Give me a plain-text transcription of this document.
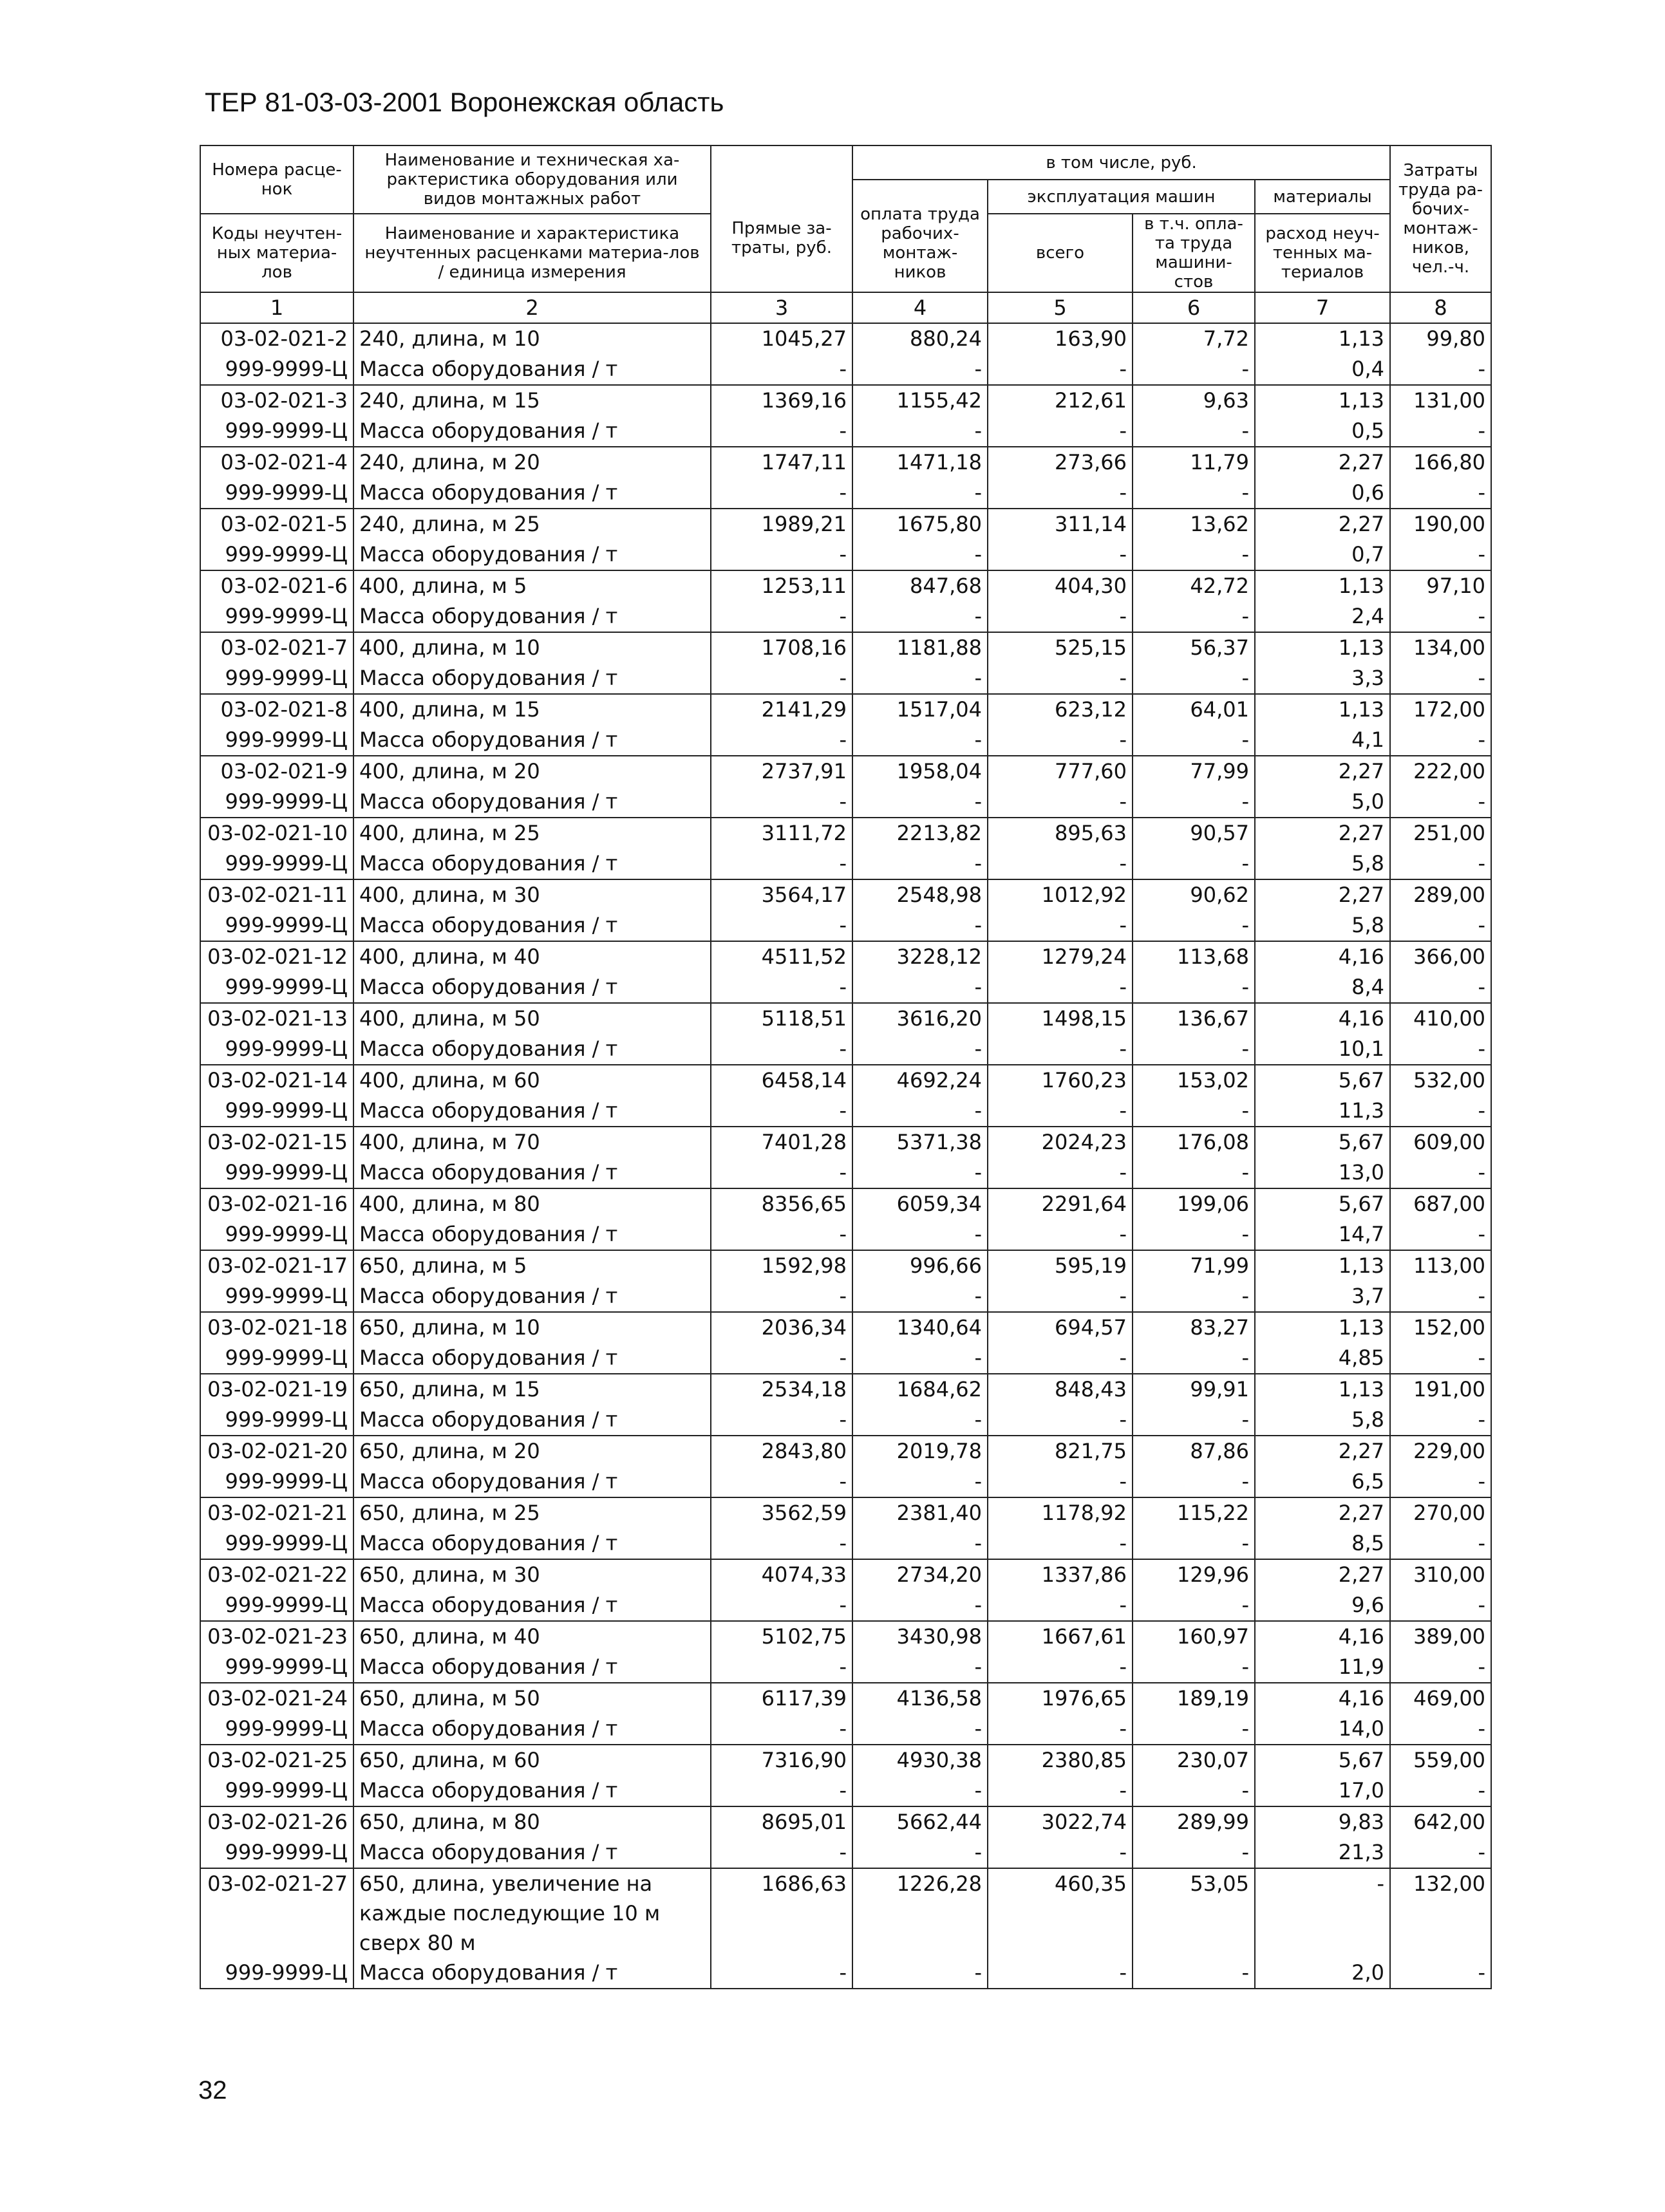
ТЕР 81-03-03-2001 Воронежская область
Номера расце-нок	Наименование и техническая ха-рактеристика оборудования или видов монтажных работ	Прямые за-траты, руб.	в том числе, руб.				Затраты труда ра-бочих-монтаж-ников, чел.-ч.
			оплата труда рабочих-монтаж-ников	эксплуатация машин		материалы	
Коды неучтен-ных материа-лов	Наименование и характеристика неучтенных расценками материа-лов / единица измерения			всего	в т.ч. опла-та труда машини-стов	расход неуч-тенных ма-териалов	

1	2	3	4	5	6	7	8
03-02-021-2	240, длина, м 10	1045,27	880,24	163,90	7,72	1,13	99,80
999-9999-Ц	Масса оборудования / т	-	-	-	-	0,4	-
03-02-021-3	240, длина, м 15	1369,16	1155,42	212,61	9,63	1,13	131,00
999-9999-Ц	Масса оборудования / т	-	-	-	-	0,5	-
03-02-021-4	240, длина, м 20	1747,11	1471,18	273,66	11,79	2,27	166,80
999-9999-Ц	Масса оборудования / т	-	-	-	-	0,6	-
03-02-021-5	240, длина, м 25	1989,21	1675,80	311,14	13,62	2,27	190,00
999-9999-Ц	Масса оборудования / т	-	-	-	-	0,7	-
03-02-021-6	400, длина, м 5	1253,11	847,68	404,30	42,72	1,13	97,10
999-9999-Ц	Масса оборудования / т	-	-	-	-	2,4	-
03-02-021-7	400, длина, м 10	1708,16	1181,88	525,15	56,37	1,13	134,00
999-9999-Ц	Масса оборудования / т	-	-	-	-	3,3	-
03-02-021-8	400, длина, м 15	2141,29	1517,04	623,12	64,01	1,13	172,00
999-9999-Ц	Масса оборудования / т	-	-	-	-	4,1	-
03-02-021-9	400, длина, м 20	2737,91	1958,04	777,60	77,99	2,27	222,00
999-9999-Ц	Масса оборудования / т	-	-	-	-	5,0	-
03-02-021-10	400, длина, м 25	3111,72	2213,82	895,63	90,57	2,27	251,00
999-9999-Ц	Масса оборудования / т	-	-	-	-	5,8	-
03-02-021-11	400, длина, м 30	3564,17	2548,98	1012,92	90,62	2,27	289,00
999-9999-Ц	Масса оборудования / т	-	-	-	-	5,8	-
03-02-021-12	400, длина, м 40	4511,52	3228,12	1279,24	113,68	4,16	366,00
999-9999-Ц	Масса оборудования / т	-	-	-	-	8,4	-
03-02-021-13	400, длина, м 50	5118,51	3616,20	1498,15	136,67	4,16	410,00
999-9999-Ц	Масса оборудования / т	-	-	-	-	10,1	-
03-02-021-14	400, длина, м 60	6458,14	4692,24	1760,23	153,02	5,67	532,00
999-9999-Ц	Масса оборудования / т	-	-	-	-	11,3	-
03-02-021-15	400, длина, м 70	7401,28	5371,38	2024,23	176,08	5,67	609,00
999-9999-Ц	Масса оборудования / т	-	-	-	-	13,0	-
03-02-021-16	400, длина, м 80	8356,65	6059,34	2291,64	199,06	5,67	687,00
999-9999-Ц	Масса оборудования / т	-	-	-	-	14,7	-
03-02-021-17	650, длина, м 5	1592,98	996,66	595,19	71,99	1,13	113,00
999-9999-Ц	Масса оборудования / т	-	-	-	-	3,7	-
03-02-021-18	650, длина, м 10	2036,34	1340,64	694,57	83,27	1,13	152,00
999-9999-Ц	Масса оборудования / т	-	-	-	-	4,85	-
03-02-021-19	650, длина, м 15	2534,18	1684,62	848,43	99,91	1,13	191,00
999-9999-Ц	Масса оборудования / т	-	-	-	-	5,8	-
03-02-021-20	650, длина, м 20	2843,80	2019,78	821,75	87,86	2,27	229,00
999-9999-Ц	Масса оборудования / т	-	-	-	-	6,5	-
03-02-021-21	650, длина, м 25	3562,59	2381,40	1178,92	115,22	2,27	270,00
999-9999-Ц	Масса оборудования / т	-	-	-	-	8,5	-
03-02-021-22	650, длина, м 30	4074,33	2734,20	1337,86	129,96	2,27	310,00
999-9999-Ц	Масса оборудования / т	-	-	-	-	9,6	-
03-02-021-23	650, длина, м 40	5102,75	3430,98	1667,61	160,97	4,16	389,00
999-9999-Ц	Масса оборудования / т	-	-	-	-	11,9	-
03-02-021-24	650, длина, м 50	6117,39	4136,58	1976,65	189,19	4,16	469,00
999-9999-Ц	Масса оборудования / т	-	-	-	-	14,0	-
03-02-021-25	650, длина, м 60	7316,90	4930,38	2380,85	230,07	5,67	559,00
999-9999-Ц	Масса оборудования / т	-	-	-	-	17,0	-
03-02-021-26	650, длина, м 80	8695,01	5662,44	3022,74	289,99	9,83	642,00
999-9999-Ц	Масса оборудования / т	-	-	-	-	21,3	-
03-02-021-27	650, длина, увеличение на каждые последующие 10 м сверх 80 м	1686,63	1226,28	460,35	53,05	-	132,00
999-9999-Ц	Масса оборудования / т	-	-	-	-	2,0	-
32
